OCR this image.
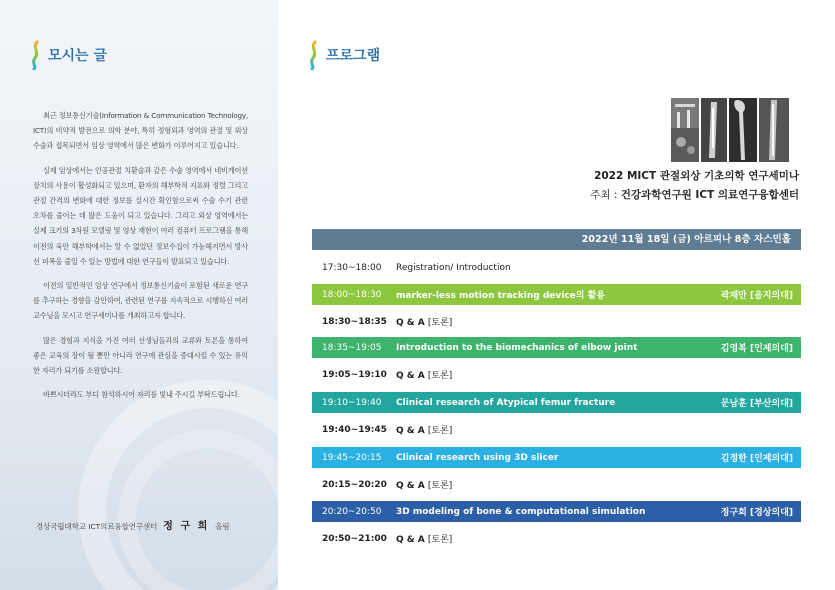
모시는 글

최근 정보통신기술(Information & Communication Technology, ICT)의 비약적 발전으로 의학 분야, 특히 정형외과 영역의 관절 및 외상 수술과 접목되면서 임상 영역에서 많은 변화가 이루어지고 있습니다.

실제 임상에서는 인공관절 치환술과 같은 수술 영역에서 네비게이션 장치의 사용이 활성화되고 있으며, 환자의 해부학적 지표와 정렬 그리고 관절 간격의 변화에 대한 정보를 실시간 확인함으로써 수술 수기 관련 오차를 줄이는 데 많은 도움이 되고 있습니다. 그리고 외상 영역에서는 실제 크기의 3차원 모델링 및 영상 재현이 여러 컴퓨터 프로그램을 통해 이전의 육안 해부학에서는 알 수 없었던 정보수집이 가능해지면서 방사선 피폭을 줄일 수 있는 방법에 대한 연구들이 발표되고 있습니다.

이전의 일반적인 임상 연구에서 정보통신기술이 포함된 새로운 연구를 추구하는 경향을 감안하여, 관련된 연구를 지속적으로 시행하신 여러 교수님을 모시고 연구세미나를 개최하고자 합니다.

많은 경험과 지식을 가진 여러 선생님들과의 교류와 토론을 통하여 좋은 교육의 장이 될 뿐만 아니라 연구에 관심을 증대시킬 수 있는 유익한 자리가 되기를 소원합니다.

바쁘시더라도 부디 참석하시어 자리를 빛내 주시길 부탁드립니다.

경상국립대학교 ICT의료융합연구센터 정 구 희 올림
프로그램
2022 MICT 관절외상 기초의학 연구세미나
주최 : 건강과학연구원 ICT 의료연구융합센터
2022년 11월 18일 (금) 아르피나 8층 자스민홀
17:30~18:00	Registration/ Introduction
18:00~18:30	marker-less motion tracking device의 활용	곽재만 [을지의대]
18:30~18:35	Q & A [토론]
18:35~19:05	Introduction to the biomechanics of elbow joint	김영복 [인제의대]
19:05~19:10	Q & A [토론]
19:10~19:40	Clinical research of Atypical femur fracture	문남훈 [부산의대]
19:40~19:45	Q & A [토론]
19:45~20:15	Clinical research using 3D slicer	김정한 [인제의대]
20:15~20:20	Q & A [토론]
20:20~20:50	3D modeling of bone & computational simulation	정구희 [경상의대]
20:50~21:00	Q & A [토론]
